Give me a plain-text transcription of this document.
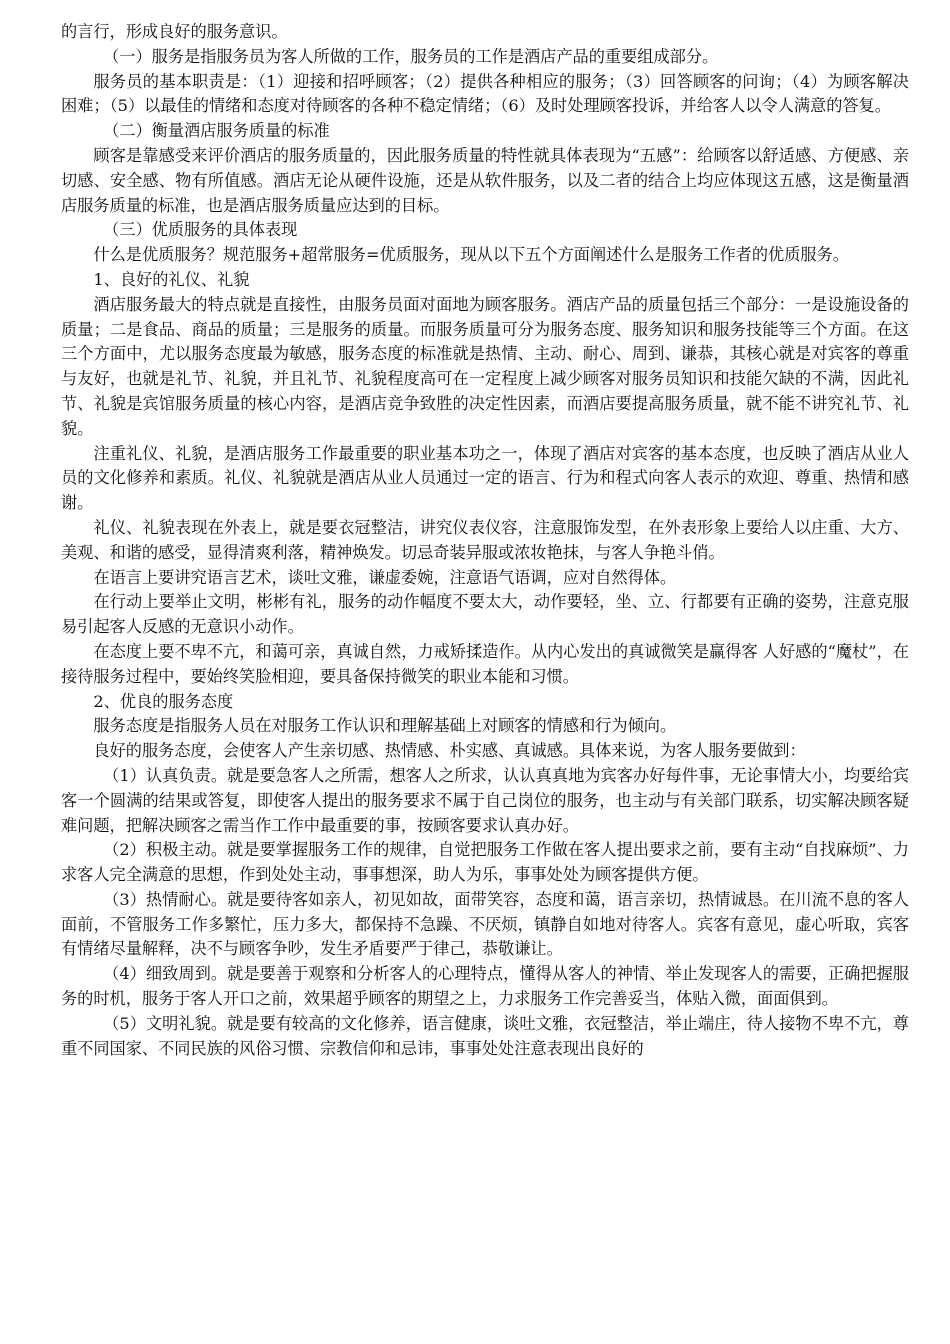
的言行，形成良好的服务意识。

（一）服务是指服务员为客人所做的工作，服务员的工作是酒店产品的重要组成部分。

服务员的基本职责是：（1）迎接和招呼顾客；（2）提供各种相应的服务；（3）回答顾客的问询；（4）为顾客解决困难；（5）以最佳的情绪和态度对待顾客的各种不稳定情绪；（6）及时处理顾客投诉，并给客人以令人满意的答复。

（二）衡量酒店服务质量的标准

顾客是靠感受来评价酒店的服务质量的，因此服务质量的特性就具体表现为“五感”：给顾客以舒适感、方便感、亲切感、安全感、物有所值感。酒店无论从硬件设施，还是从软件服务，以及二者的结合上均应体现这五感，这是衡量酒店服务质量的标准，也是酒店服务质量应达到的目标。

（三）优质服务的具体表现

什么是优质服务？规范服务+超常服务=优质服务，现从以下五个方面阐述什么是服务工作者的优质服务。

1、良好的礼仪、礼貌

酒店服务最大的特点就是直接性，由服务员面对面地为顾客服务。酒店产品的质量包括三个部分：一是设施设备的质量；二是食品、商品的质量；三是服务的质量。而服务质量可分为服务态度、服务知识和服务技能等三个方面。在这三个方面中，尤以服务态度最为敏感，服务态度的标准就是热情、主动、耐心、周到、谦恭，其核心就是对宾客的尊重与友好，也就是礼节、礼貌，并且礼节、礼貌程度高可在一定程度上减少顾客对服务员知识和技能欠缺的不满，因此礼节、礼貌是宾馆服务质量的核心内容，是酒店竞争致胜的决定性因素，而酒店要提高服务质量，就不能不讲究礼节、礼貌。

注重礼仪、礼貌，是酒店服务工作最重要的职业基本功之一，体现了酒店对宾客的基本态度，也反映了酒店从业人员的文化修养和素质。礼仪、礼貌就是酒店从业人员通过一定的语言、行为和程式向客人表示的欢迎、尊重、热情和感谢。

礼仪、礼貌表现在外表上，就是要衣冠整洁，讲究仪表仪容，注意服饰发型，在外表形象上要给人以庄重、大方、美观、和谐的感受，显得清爽利落，精神焕发。切忌奇装异服或浓妆艳抹，与客人争艳斗俏。

在语言上要讲究语言艺术，谈吐文雅，谦虚委婉，注意语气语调，应对自然得体。

在行动上要举止文明，彬彬有礼，服务的动作幅度不要太大，动作要轻，坐、立、行都要有正确的姿势，注意克服易引起客人反感的无意识小动作。

在态度上要不卑不亢，和蔼可亲，真诚自然，力戒矫揉造作。从内心发出的真诚微笑是赢得客 人好感的“魔杖”，在接待服务过程中，要始终笑脸相迎，要具备保持微笑的职业本能和习惯。

2、优良的服务态度

服务态度是指服务人员在对服务工作认识和理解基础上对顾客的情感和行为倾向。

良好的服务态度，会使客人产生亲切感、热情感、朴实感、真诚感。具体来说，为客人服务要做到：

（1）认真负责。就是要急客人之所需，想客人之所求，认认真真地为宾客办好每件事，无论事情大小，均要给宾客一个圆满的结果或答复，即使客人提出的服务要求不属于自己岗位的服务，也主动与有关部门联系，切实解决顾客疑难问题，把解决顾客之需当作工作中最重要的事，按顾客要求认真办好。

（2）积极主动。就是要掌握服务工作的规律，自觉把服务工作做在客人提出要求之前，要有主动“自找麻烦”、力求客人完全满意的思想，作到处处主动，事事想深，助人为乐，事事处处为顾客提供方便。

（3）热情耐心。就是要待客如亲人，初见如故，面带笑容，态度和蔼，语言亲切，热情诚恳。在川流不息的客人面前，不管服务工作多繁忙，压力多大，都保持不急躁、不厌烦，镇静自如地对待客人。宾客有意见，虚心听取，宾客有情绪尽量解释，决不与顾客争吵，发生矛盾要严于律己，恭敬谦让。

（4）细致周到。就是要善于观察和分析客人的心理特点，懂得从客人的神情、举止发现客人的需要，正确把握服务的时机，服务于客人开口之前，效果超乎顾客的期望之上，力求服务工作完善妥当，体贴入微，面面俱到。

（5）文明礼貌。就是要有较高的文化修养，语言健康，谈吐文雅，衣冠整洁，举止端庄，待人接物不卑不亢，尊重不同国家、不同民族的风俗习惯、宗教信仰和忌讳，事事处处注意表现出良好的
